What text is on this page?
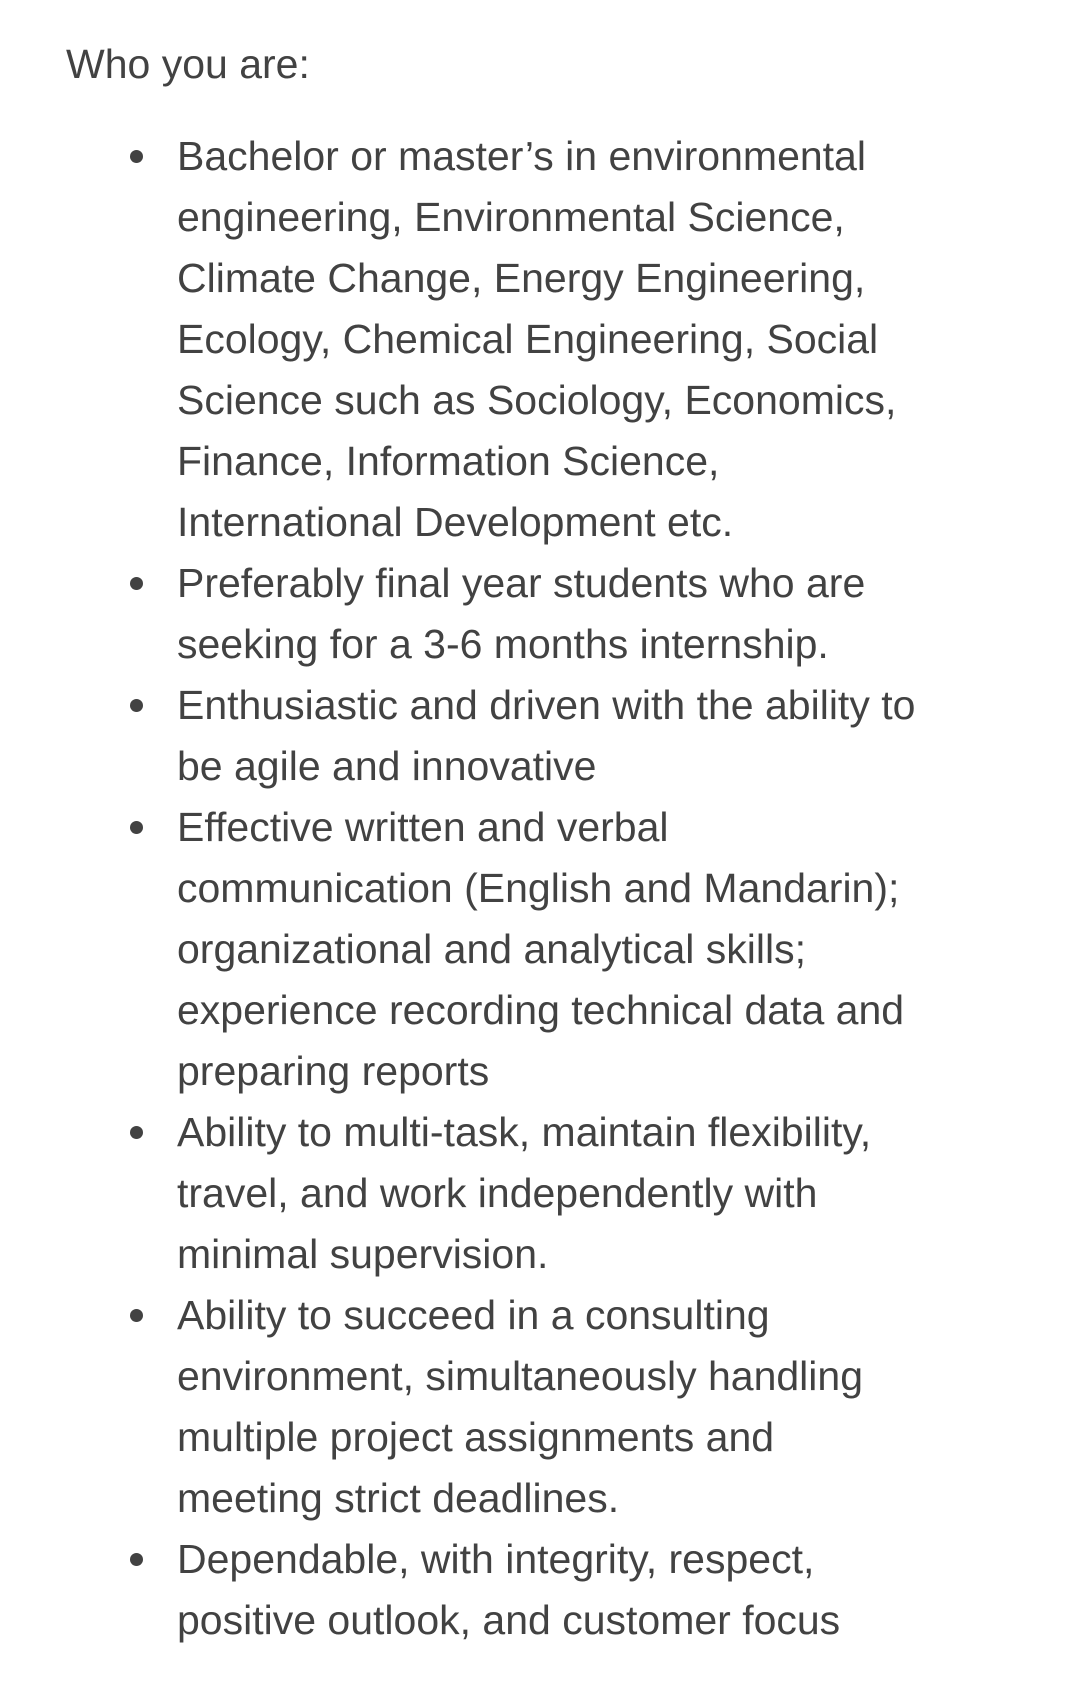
Who you are:
Bachelor or master’s in environmental engineering, Environmental Science, Climate Change, Energy Engineering, Ecology, Chemical Engineering, Social Science such as Sociology, Economics, Finance, Information Science, International Development etc.
Preferably final year students who are seeking for a 3-6 months internship.
Enthusiastic and driven with the ability to be agile and innovative
Effective written and verbal communication (English and Mandarin); organizational and analytical skills; experience recording technical data and preparing reports
Ability to multi-task, maintain flexibility, travel, and work independently with minimal supervision.
Ability to succeed in a consulting environment, simultaneously handling multiple project assignments and meeting strict deadlines.
Dependable, with integrity, respect, positive outlook, and customer focus
